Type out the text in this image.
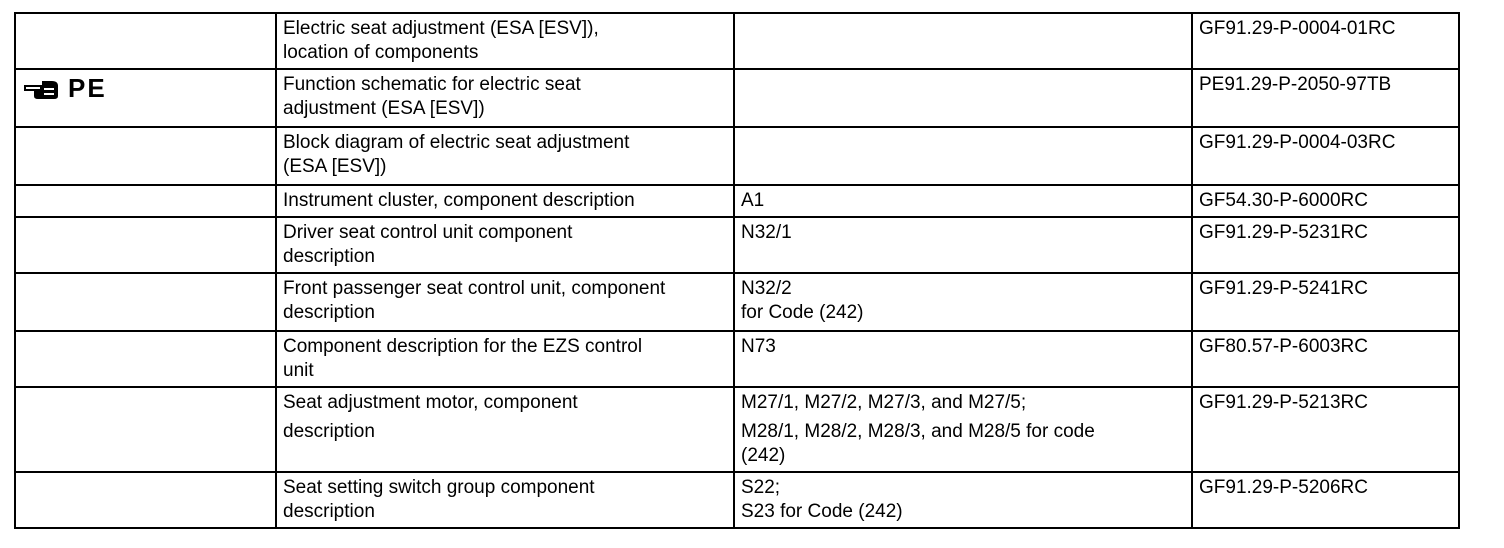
	Electric seat adjustment (ESA [ESV]),
location of components		GF91.29-P-0004-01RC

PE	Function schematic for electric seat
adjustment (ESA [ESV])		PE91.29-P-2050-97TB

	Block diagram of electric seat adjustment
(ESA [ESV])		GF91.29-P-0004-03RC

	Instrument cluster, component description	A1	GF54.30-P-6000RC

	Driver seat control unit component
description	N32/1	GF91.29-P-5231RC

	Front passenger seat control unit, component
description	N32/2
for Code (242)	GF91.29-P-5241RC

	Component description for the EZS control
unit	N73	GF80.57-P-6003RC

	Seat adjustment motor, component
description	M27/1, M27/2, M27/3, and M27/5;
M28/1, M28/2, M28/3, and M28/5 for code
(242)	GF91.29-P-5213RC

	Seat setting switch group component
description	S22;
S23 for Code (242)	GF91.29-P-5206RC
